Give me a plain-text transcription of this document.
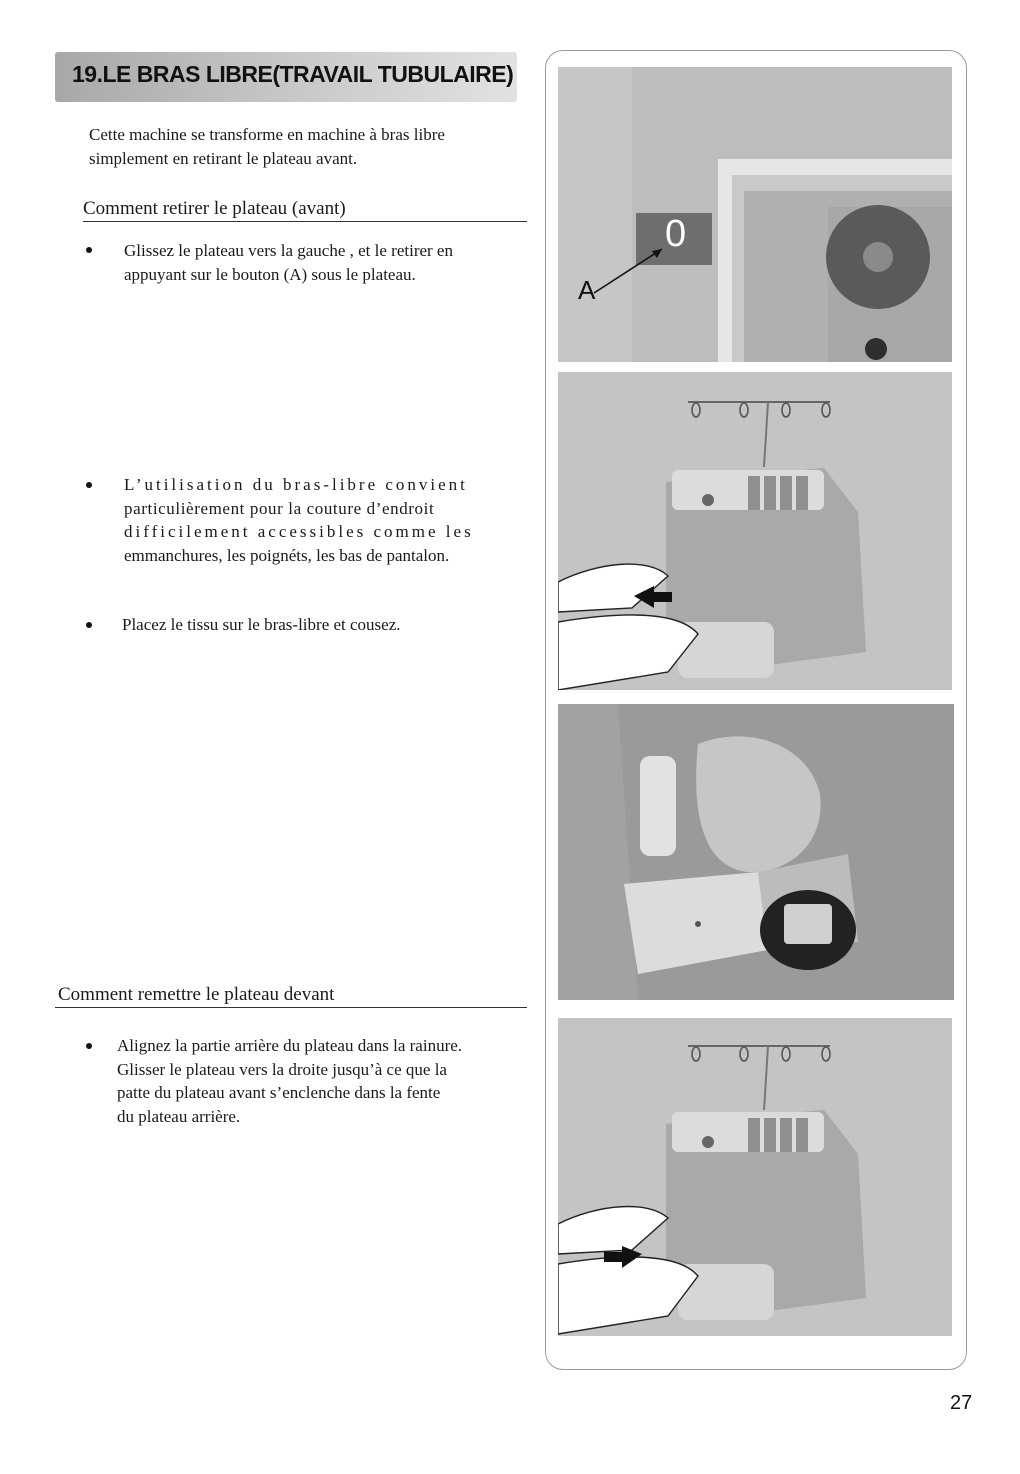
19.LE BRAS LIBRE(TRAVAIL TUBULAIRE)
Cette machine se transforme en machine à bras libre
simplement en retirant le plateau avant.
Comment retirer le plateau (avant)
Glissez le plateau vers la gauche , et le retirer en
appuyant sur le bouton (A) sous le plateau.
L’utilisation du bras-libre convient
particulièrement pour la couture d’endroit
difficilement accessibles comme les
emmanchures, les poignéts, les bas de pantalon.
Placez le tissu sur le bras-libre et cousez.
Comment remettre le plateau devant
Alignez la partie arrière du plateau dans la rainure.
Glisser le plateau vers la droite jusqu’à ce que la
patte du plateau avant s’enclenche dans la fente
du plateau arrière.
0
A
27
